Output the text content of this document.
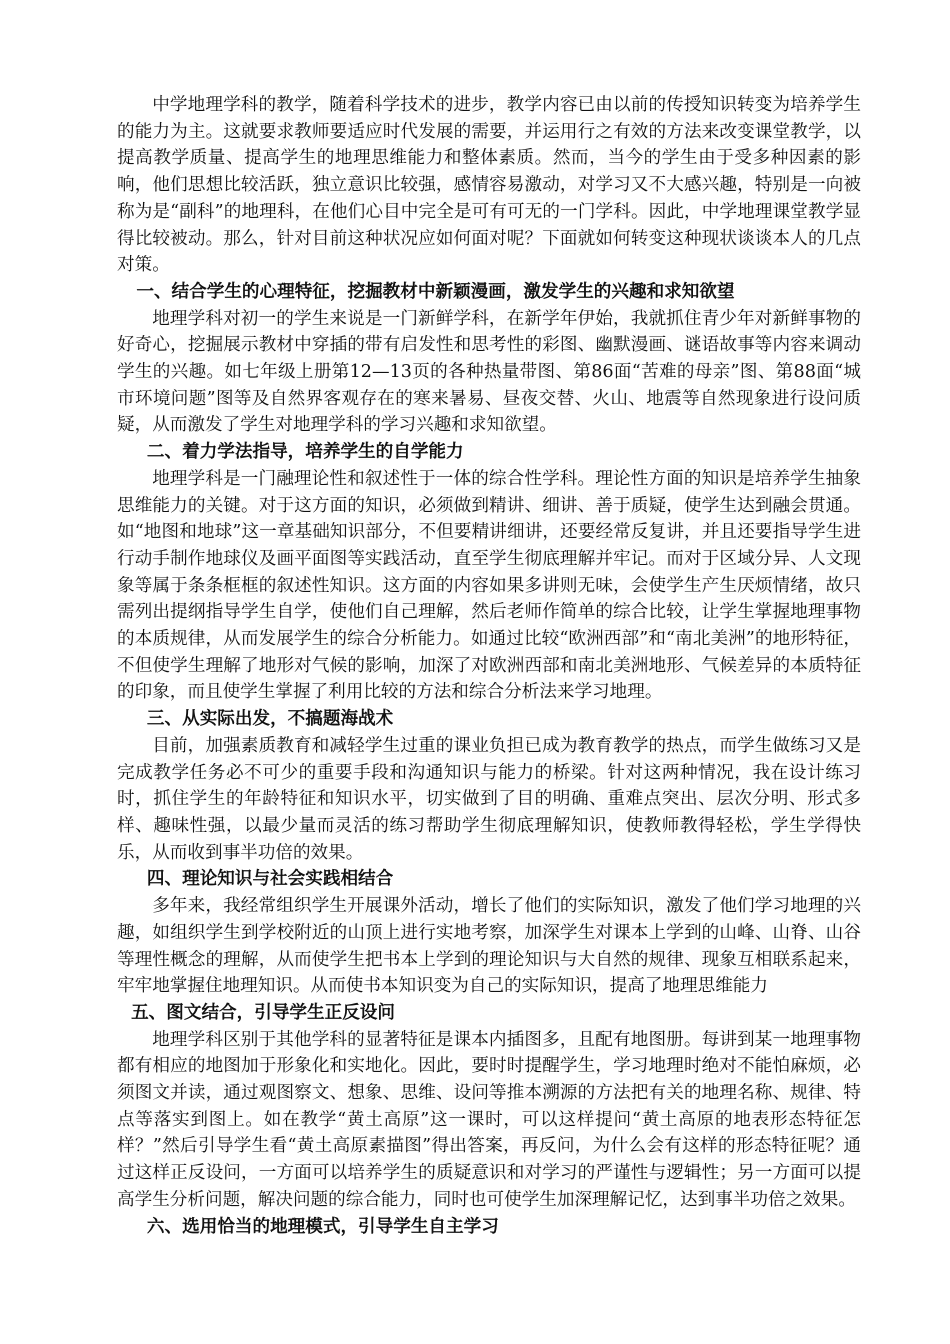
中学地理学科的教学，随着科学技术的进步，教学内容已由以前的传授知识转变为培养学生的能力为主。这就要求教师要适应时代发展的需要，并运用行之有效的方法来改变课堂教学，以提高教学质量、提高学生的地理思维能力和整体素质。然而，当今的学生由于受多种因素的影响，他们思想比较活跃，独立意识比较强，感情容易激动，对学习又不大感兴趣，特别是一向被称为是“副科”的地理科，在他们心目中完全是可有可无的一门学科。因此，中学地理课堂教学显得比较被动。那么，针对目前这种状况应如何面对呢？下面就如何转变这种现状谈谈本人的几点对策。

一、结合学生的心理特征，挖掘教材中新颖漫画，激发学生的兴趣和求知欲望

地理学科对初一的学生来说是一门新鲜学科，在新学年伊始，我就抓住青少年对新鲜事物的好奇心，挖掘展示教材中穿插的带有启发性和思考性的彩图、幽默漫画、谜语故事等内容来调动学生的兴趣。如七年级上册第12—13页的各种热量带图、第86面“苦难的母亲”图、第88面“城市环境问题”图等及自然界客观存在的寒来暑易、昼夜交替、火山、地震等自然现象进行设问质疑，从而激发了学生对地理学科的学习兴趣和求知欲望。

二、着力学法指导，培养学生的自学能力

地理学科是一门融理论性和叙述性于一体的综合性学科。理论性方面的知识是培养学生抽象思维能力的关键。对于这方面的知识，必须做到精讲、细讲、善于质疑，使学生达到融会贯通。如“地图和地球”这一章基础知识部分，不但要精讲细讲，还要经常反复讲，并且还要指导学生进行动手制作地球仪及画平面图等实践活动，直至学生彻底理解并牢记。而对于区域分异、人文现象等属于条条框框的叙述性知识。这方面的内容如果多讲则无味，会使学生产生厌烦情绪，故只需列出提纲指导学生自学，使他们自己理解，然后老师作简单的综合比较，让学生掌握地理事物的本质规律，从而发展学生的综合分析能力。如通过比较“欧洲西部”和“南北美洲”的地形特征，不但使学生理解了地形对气候的影响，加深了对欧洲西部和南北美洲地形、气候差异的本质特征的印象，而且使学生掌握了利用比较的方法和综合分析法来学习地理。

三、从实际出发，不搞题海战术

目前，加强素质教育和减轻学生过重的课业负担已成为教育教学的热点，而学生做练习又是完成教学任务必不可少的重要手段和沟通知识与能力的桥梁。针对这两种情况，我在设计练习时，抓住学生的年龄特征和知识水平，切实做到了目的明确、重难点突出、层次分明、形式多样、趣味性强，以最少量而灵活的练习帮助学生彻底理解知识，使教师教得轻松，学生学得快乐，从而收到事半功倍的效果。

四、理论知识与社会实践相结合

多年来，我经常组织学生开展课外活动，增长了他们的实际知识，激发了他们学习地理的兴趣，如组织学生到学校附近的山顶上进行实地考察，加深学生对课本上学到的山峰、山脊、山谷等理性概念的理解，从而使学生把书本上学到的理论知识与大自然的规律、现象互相联系起来，牢牢地掌握住地理知识。从而使书本知识变为自己的实际知识，提高了地理思维能力

五、图文结合，引导学生正反设问

地理学科区别于其他学科的显著特征是课本内插图多，且配有地图册。每讲到某一地理事物都有相应的地图加于形象化和实地化。因此，要时时提醒学生，学习地理时绝对不能怕麻烦，必须图文并读，通过观图察文、想象、思维、设问等推本溯源的方法把有关的地理名称、规律、特点等落实到图上。如在教学“黄土高原”这一课时，可以这样提问“黄土高原的地表形态特征怎样？”然后引导学生看“黄土高原素描图”得出答案，再反问，为什么会有这样的形态特征呢？通过这样正反设问，一方面可以培养学生的质疑意识和对学习的严谨性与逻辑性；另一方面可以提高学生分析问题，解决问题的综合能力，同时也可使学生加深理解记忆，达到事半功倍之效果。

六、选用恰当的地理模式，引导学生自主学习
